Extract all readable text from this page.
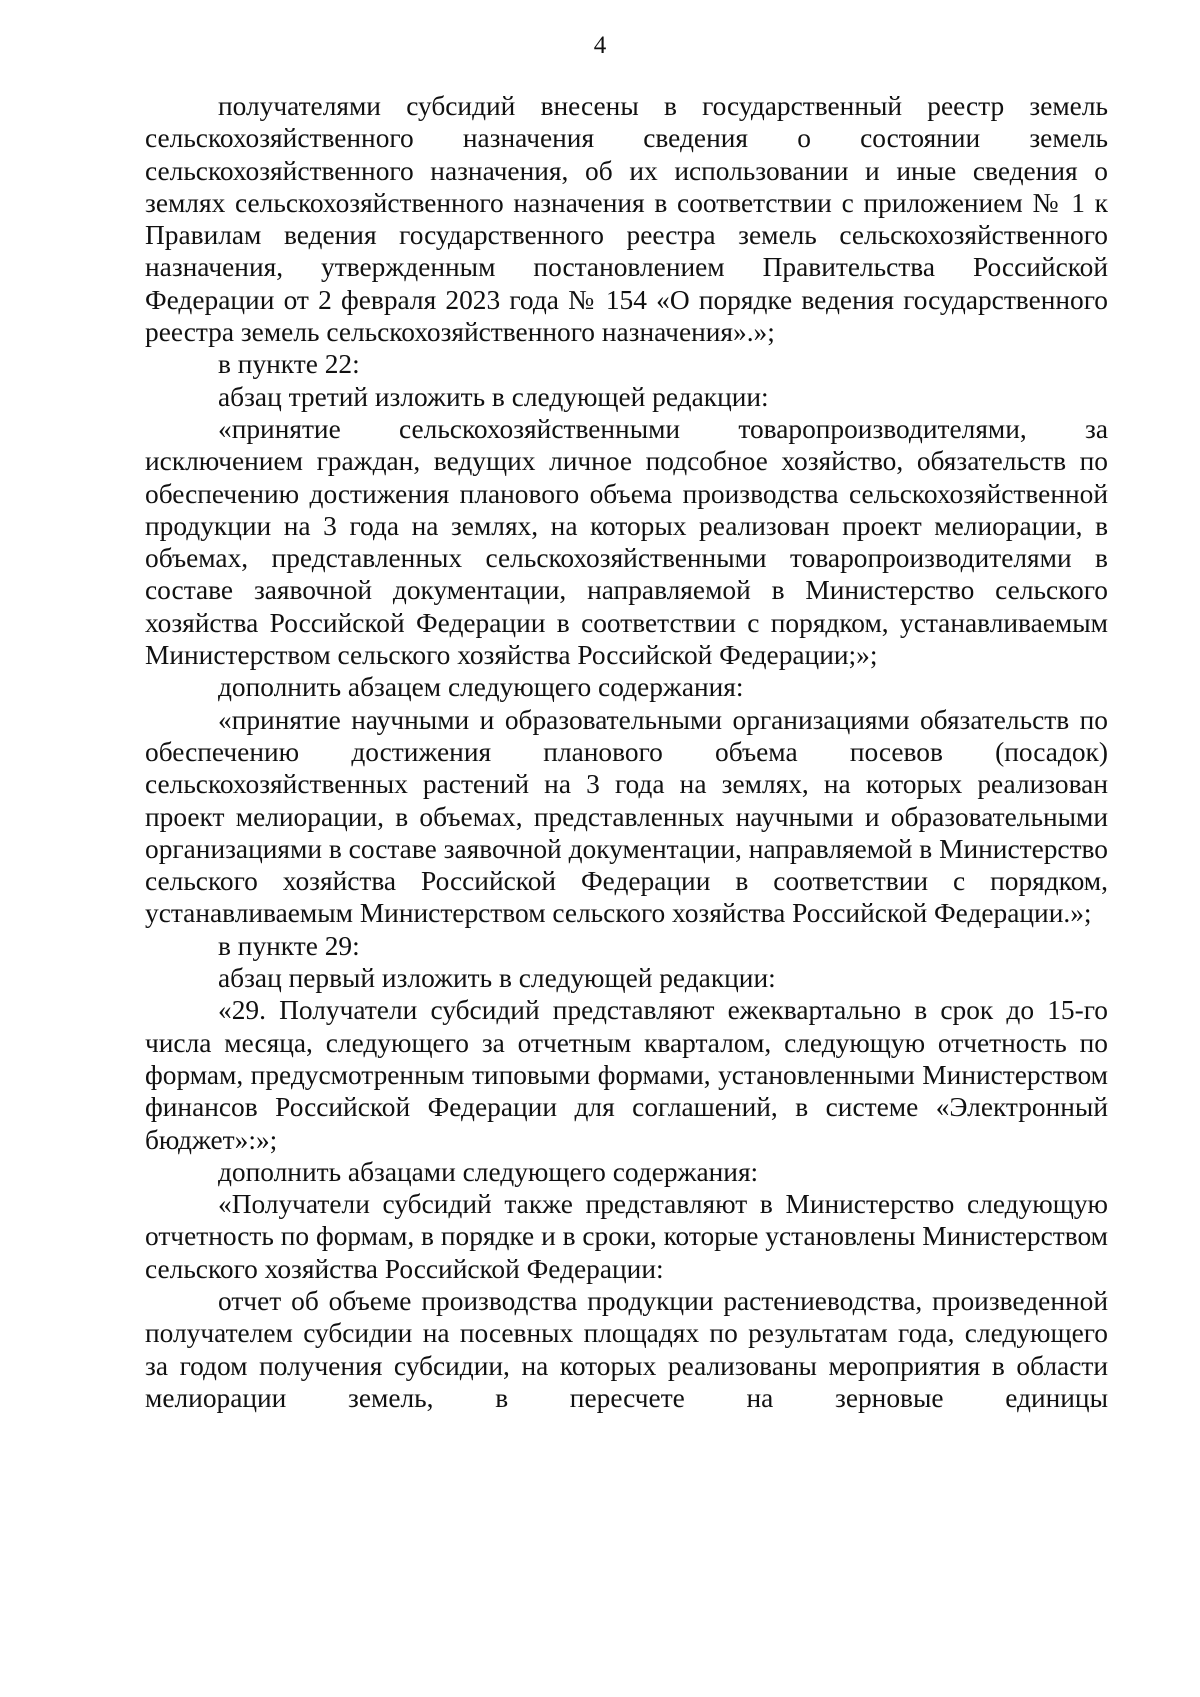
4

получателями субсидий внесены в государственный реестр земель сельскохозяйственного назначения сведения о состоянии земель сельскохозяйственного назначения, об их использовании и иные сведения о землях сельскохозяйственного назначения в соответствии с приложением № 1 к Правилам ведения государственного реестра земель сельскохозяйственного назначения, утвержденным постановлением Правительства Российской Федерации от 2 февраля 2023 года № 154 «О порядке ведения государственного реестра земель сельскохозяйственного назначения».»;

в пункте 22:

абзац третий изложить в следующей редакции:

«принятие сельскохозяйственными товаропроизводителями, за исключением граждан, ведущих личное подсобное хозяйство, обязательств по обеспечению достижения планового объема производства сельскохозяйственной продукции на 3 года на землях, на которых реализован проект мелиорации, в объемах, представленных сельскохозяйственными товаропроизводителями в составе заявочной документации, направляемой в Министерство сельского хозяйства Российской Федерации в соответствии с порядком, устанавливаемым Министерством сельского хозяйства Российской Федерации;»;

дополнить абзацем следующего содержания:

«принятие научными и образовательными организациями обязательств по обеспечению достижения планового объема посевов (посадок) сельскохозяйственных растений на 3 года на землях, на которых реализован проект мелиорации, в объемах, представленных научными и образовательными организациями в составе заявочной документации, направляемой в Министерство сельского хозяйства Российской Федерации в соответствии с порядком, устанавливаемым Министерством сельского хозяйства Российской Федерации.»;

в пункте 29:

абзац первый изложить в следующей редакции:

«29. Получатели субсидий представляют ежеквартально в срок до 15-го числа месяца, следующего за отчетным кварталом, следующую отчетность по формам, предусмотренным типовыми формами, установленными Министерством финансов Российской Федерации для соглашений, в системе «Электронный бюджет»:»;

дополнить абзацами следующего содержания:

«Получатели субсидий также представляют в Министерство следующую отчетность по формам, в порядке и в сроки, которые установлены Министерством сельского хозяйства Российской Федерации:

отчет об объеме производства продукции растениеводства, произведенной получателем субсидии на посевных площадях по результатам года, следующего за годом получения субсидии, на которых реализованы мероприятия в области мелиорации земель, в пересчете на зерновые единицы
